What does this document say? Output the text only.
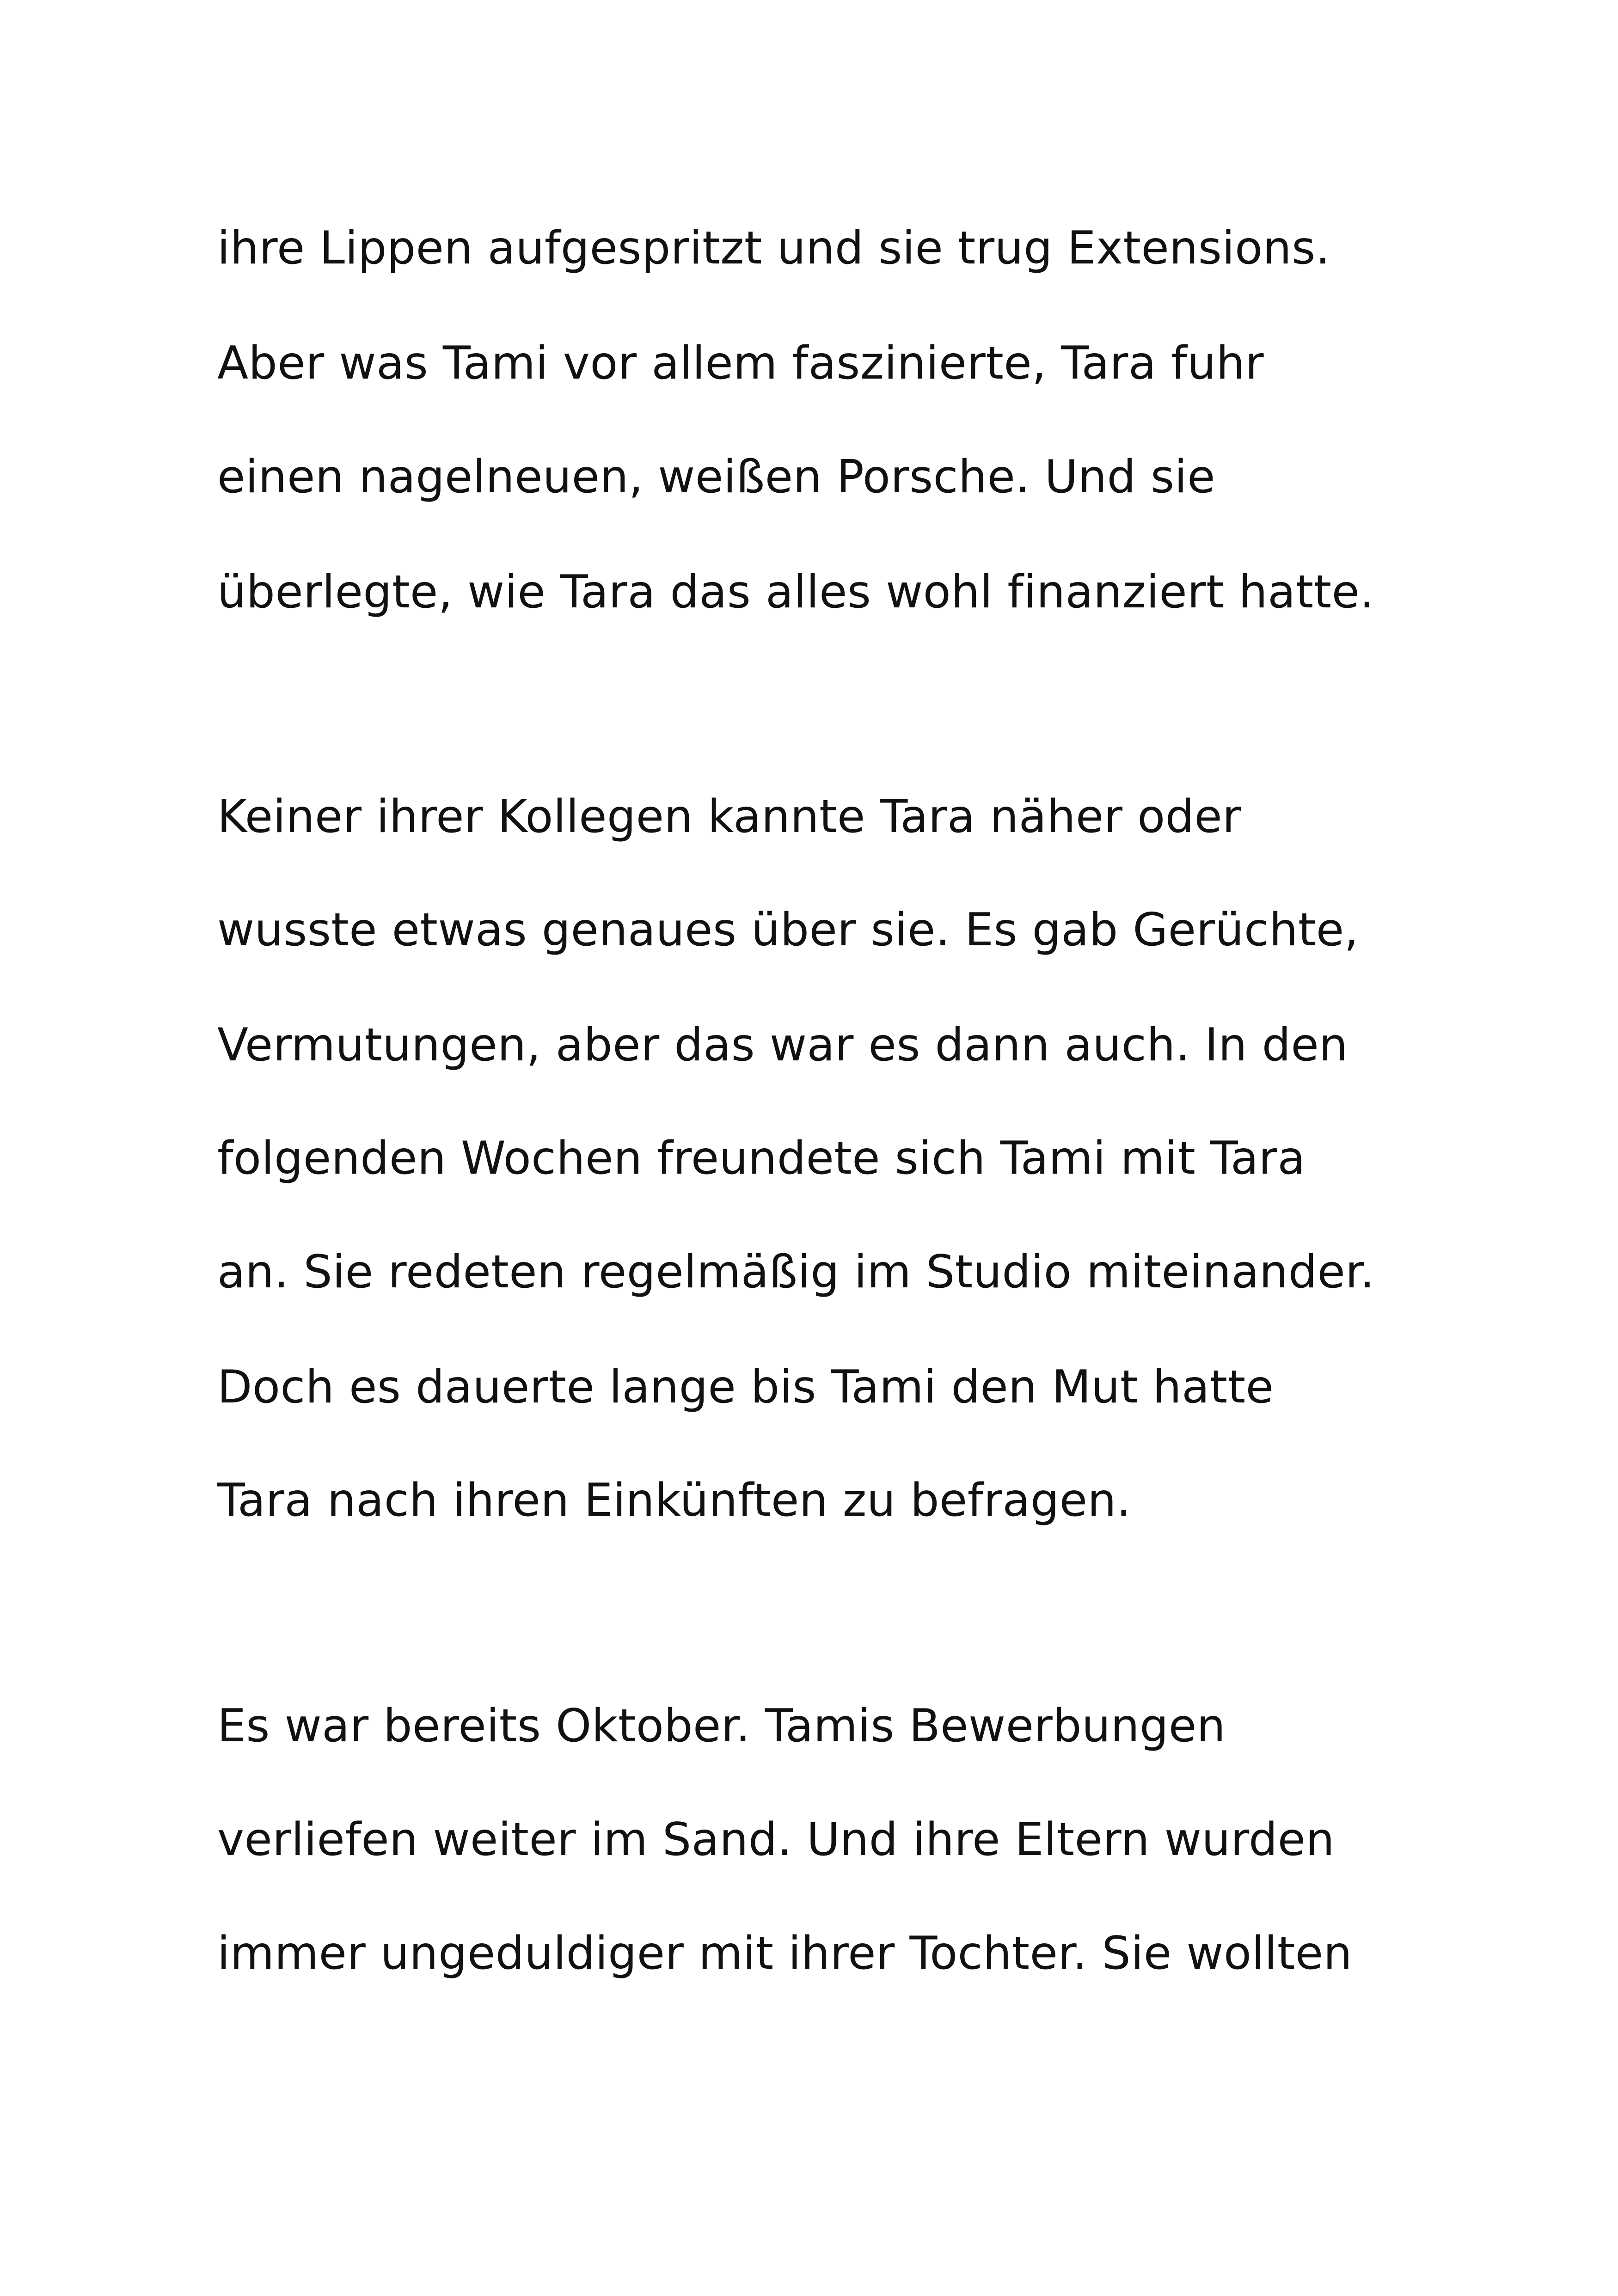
ihre Lippen aufgespritzt und sie trug Extensions.

Aber was Tami vor allem faszinierte, Tara fuhr

einen nagelneuen, weißen Porsche. Und sie

überlegte, wie Tara das alles wohl finanziert hatte.

Keiner ihrer Kollegen kannte Tara näher oder

wusste etwas genaues über sie. Es gab Gerüchte,

Vermutungen, aber das war es dann auch. In den

folgenden Wochen freundete sich Tami mit Tara

an. Sie redeten regelmäßig im Studio miteinander.

Doch es dauerte lange bis Tami den Mut hatte

Tara nach ihren Einkünften zu befragen.

Es war bereits Oktober. Tamis Bewerbungen

verliefen weiter im Sand. Und ihre Eltern wurden

immer ungeduldiger mit ihrer Tochter. Sie wollten
